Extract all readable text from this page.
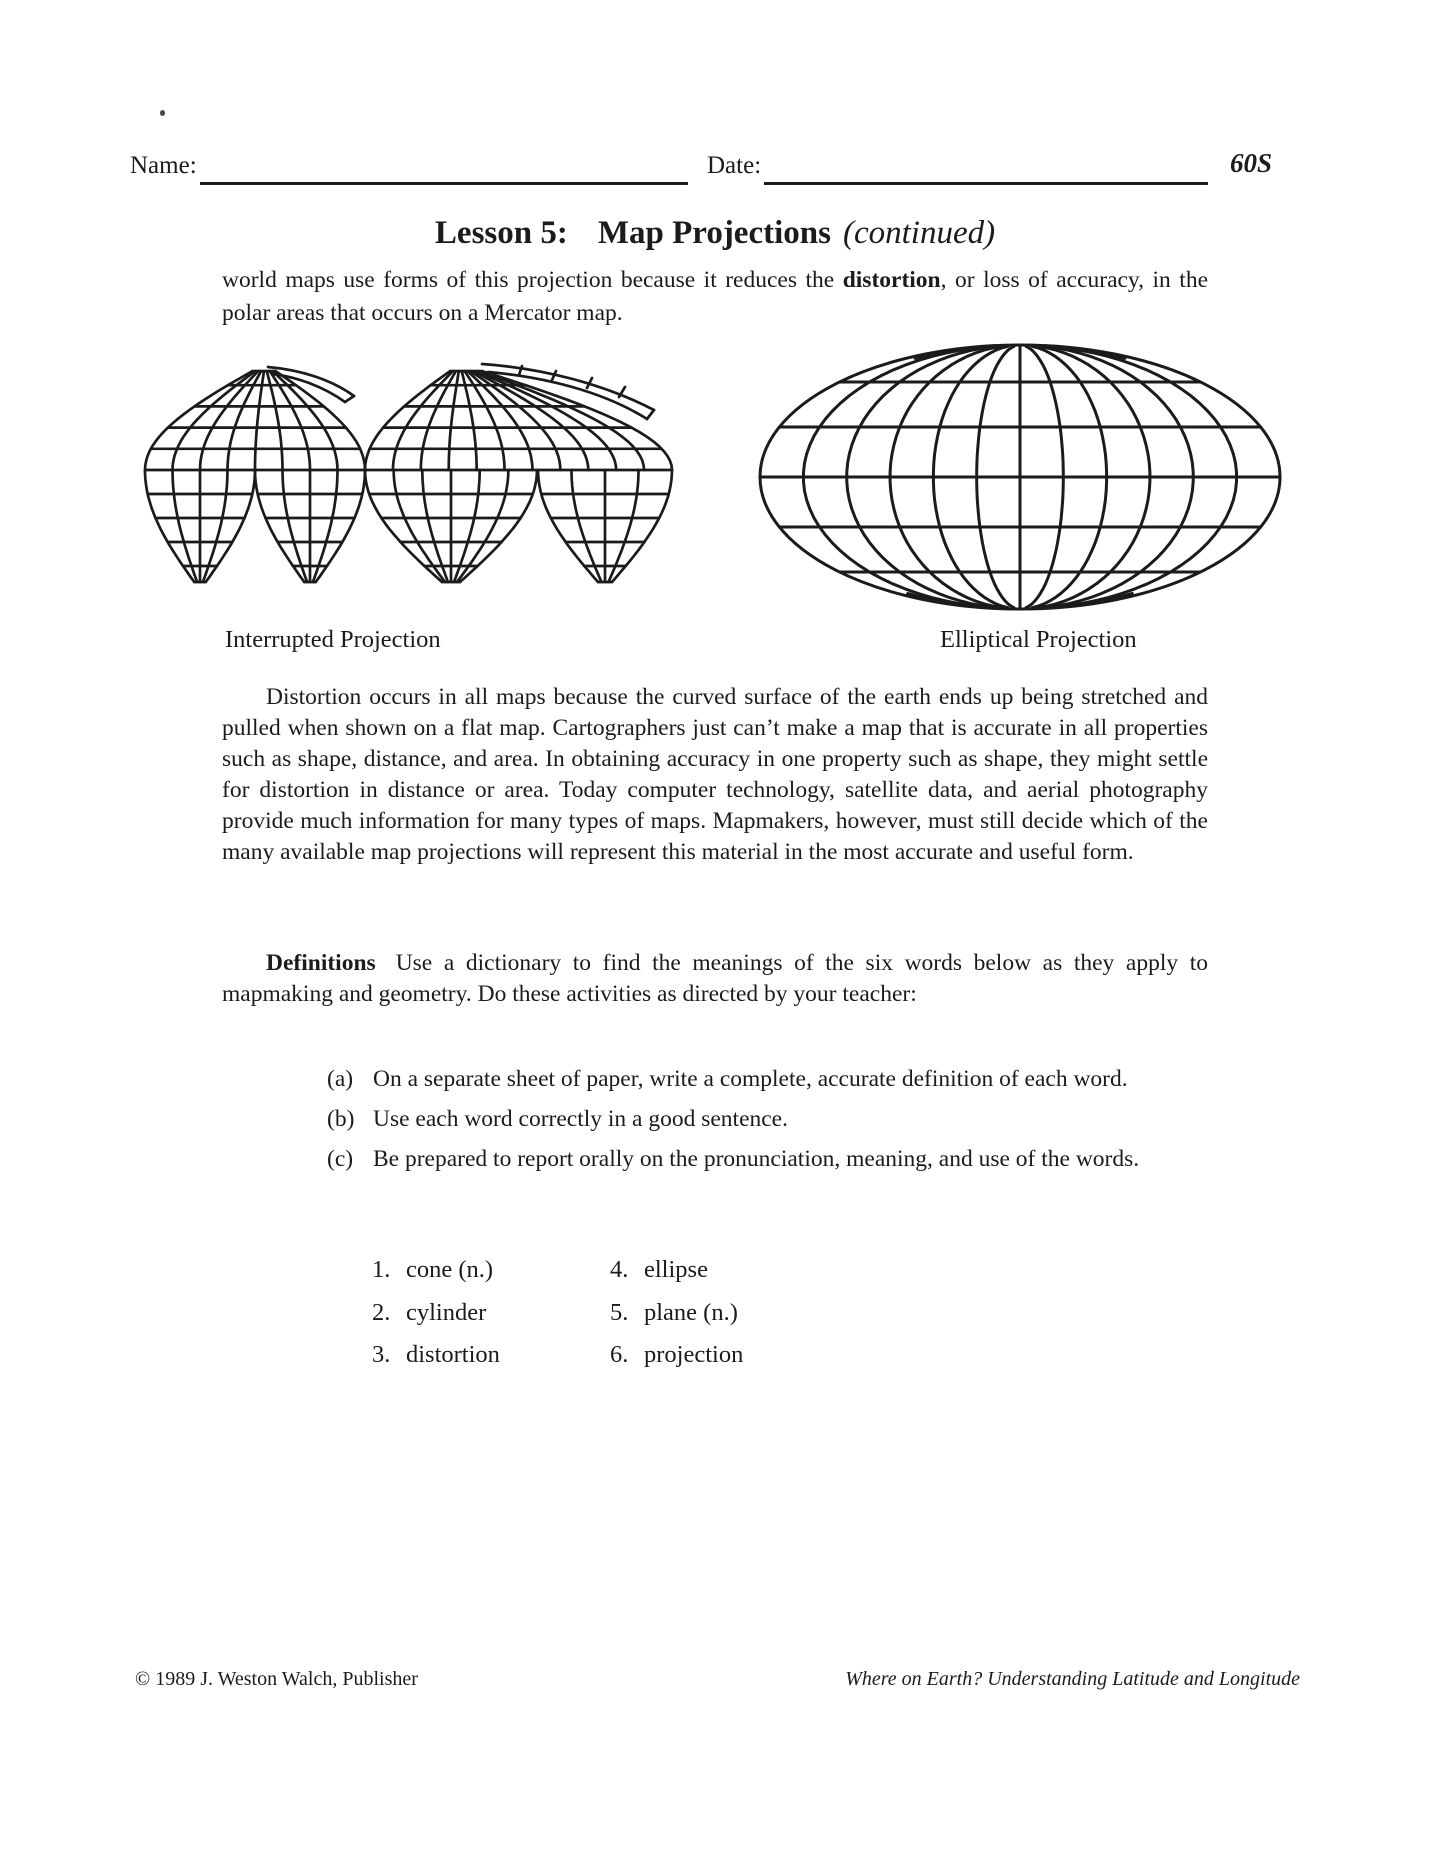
Name:	Date:	60S
Lesson 5: Map Projections (continued)
world maps use forms of this projection because it reduces the distortion, or loss of accuracy, in the polar areas that occurs on a Mercator map.
Interrupted Projection	Elliptical Projection
Distortion occurs in all maps because the curved surface of the earth ends up being stretched and pulled when shown on a flat map. Cartographers just can’t make a map that is accurate in all properties such as shape, distance, and area. In obtaining accuracy in one property such as shape, they might settle for distortion in distance or area. Today computer technology, satellite data, and aerial photography provide much information for many types of maps. Mapmakers, however, must still decide which of the many available map projections will represent this material in the most accurate and useful form.
Definitions Use a dictionary to find the meanings of the six words below as they apply to mapmaking and geometry. Do these activities as directed by your teacher:
(a) On a separate sheet of paper, write a complete, accurate definition of each word.
(b) Use each word correctly in a good sentence.
(c) Be prepared to report orally on the pronunciation, meaning, and use of the words.
1. cone (n.)
2. cylinder
3. distortion
4. ellipse
5. plane (n.)
6. projection
© 1989 J. Weston Walch, Publisher	Where on Earth? Understanding Latitude and Longitude
